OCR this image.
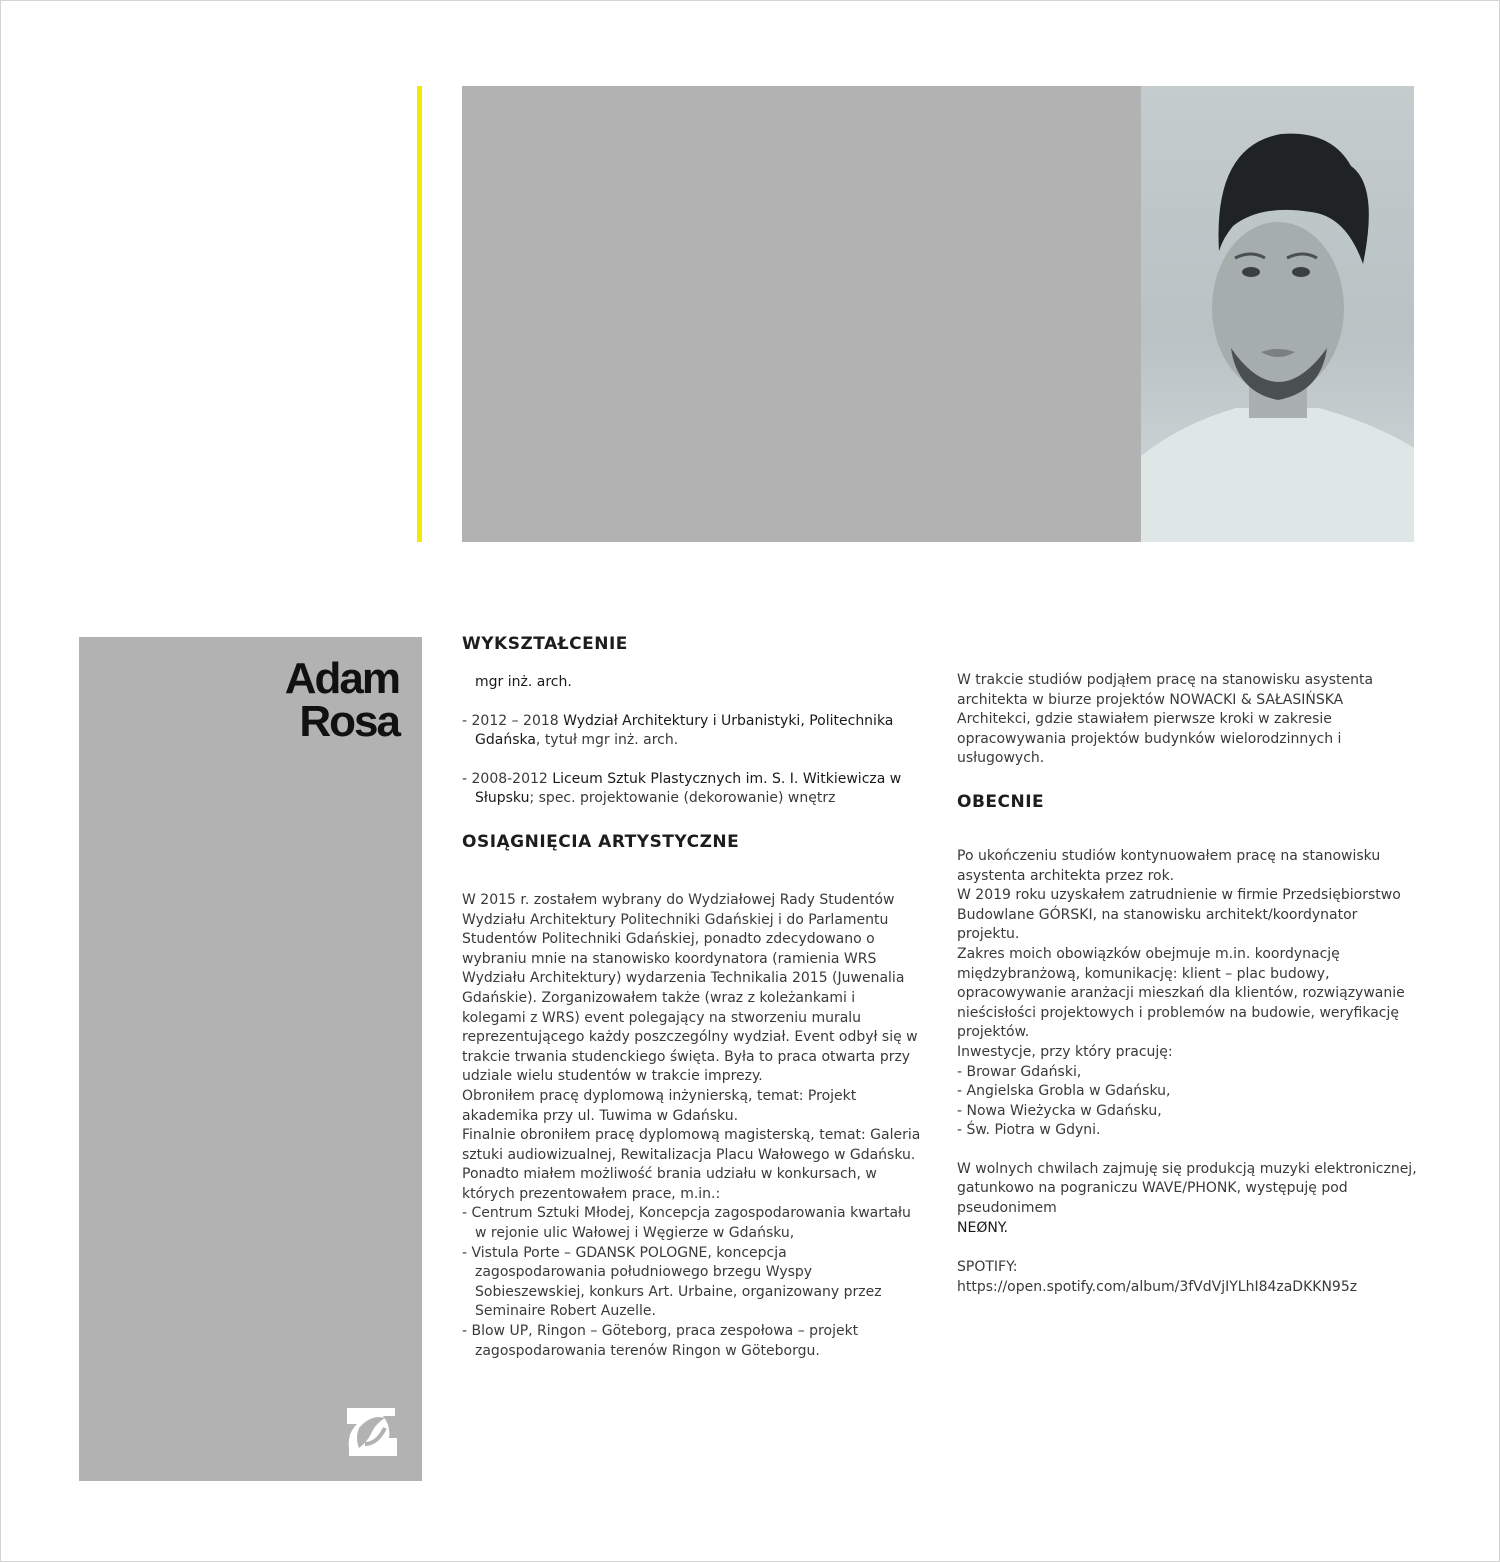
Adam
Rosa
WYKSZTAŁCENIE

mgr inż. arch.

- 2012 – 2018 Wydział Architektury i Urbanistyki, Politechnika Gdańska, tytuł mgr inż. arch.

- 2008-2012 Liceum Sztuk Plastycznych im. S. I. Witkiewicza w Słupsku; spec. projektowanie (dekorowanie) wnętrz

OSIĄGNIĘCIA ARTYSTYCZNE

W 2015 r. zostałem wybrany do Wydziałowej Rady Studentów Wydziału Architektury Politechniki Gdańskiej i do Parlamentu Studentów Politechniki Gdańskiej, ponadto zdecydowano o wybraniu mnie na stanowisko koordynatora (ramienia WRS Wydziału Architektury) wydarzenia Technikalia 2015 (Juwenalia Gdańskie). Zorganizowałem także (wraz z koleżankami i kolegami z WRS) event polegający na stworzeniu muralu reprezentującego każdy poszczególny wydział. Event odbył się w trakcie trwania studenckiego święta. Była to praca otwarta przy udziale wielu studentów w trakcie imprezy.

Obroniłem pracę dyplomową inżynierską, temat: Projekt akademika przy ul. Tuwima w Gdańsku.

Finalnie obroniłem pracę dyplomową magisterską, temat: Galeria sztuki audiowizualnej, Rewitalizacja Placu Wałowego w Gdańsku.

Ponadto miałem możliwość brania udziału w konkursach, w których prezentowałem prace, m.in.:

- Centrum Sztuki Młodej, Koncepcja zagospodarowania kwartału w rejonie ulic Wałowej i Węgierze w Gdańsku,

- Vistula Porte – GDANSK POLOGNE, koncepcja zagospodarowania południowego brzegu Wyspy Sobieszewskiej, konkurs Art. Urbaine, organizowany przez Seminaire Robert Auzelle.

- Blow UP, Ringon – Göteborg, praca zespołowa – projekt zagospodarowania terenów Ringon w Göteborgu.

W trakcie studiów podjąłem pracę na stanowisku asystenta architekta w biurze projektów NOWACKI & SAŁASIŃSKA Architekci, gdzie stawiałem pierwsze kroki w zakresie opracowywania projektów budynków wielorodzinnych i usługowych.

OBECNIE

Po ukończeniu studiów kontynuowałem pracę na stanowisku asystenta architekta przez rok.

W 2019 roku uzyskałem zatrudnienie w firmie Przedsiębiorstwo Budowlane GÓRSKI, na stanowisku architekt/koordynator projektu.

Zakres moich obowiązków obejmuje m.in. koordynację międzybranżową, komunikację: klient – plac budowy, opracowywanie aranżacji mieszkań dla klientów, rozwiązywanie nieścisłości projektowych i problemów na budowie, weryfikację projektów.

Inwestycje, przy który pracuję:

- Browar Gdański,

- Angielska Grobla w Gdańsku,

- Nowa Wieżycka w Gdańsku,

- Św. Piotra w Gdyni.

W wolnych chwilach zajmuję się produkcją muzyki elektronicznej, gatunkowo na pograniczu WAVE/PHONK, występuję pod pseudonimem

NEØNY.

SPOTIFY:

https://open.spotify.com/album/3fVdVjIYLhI84zaDKKN95z
